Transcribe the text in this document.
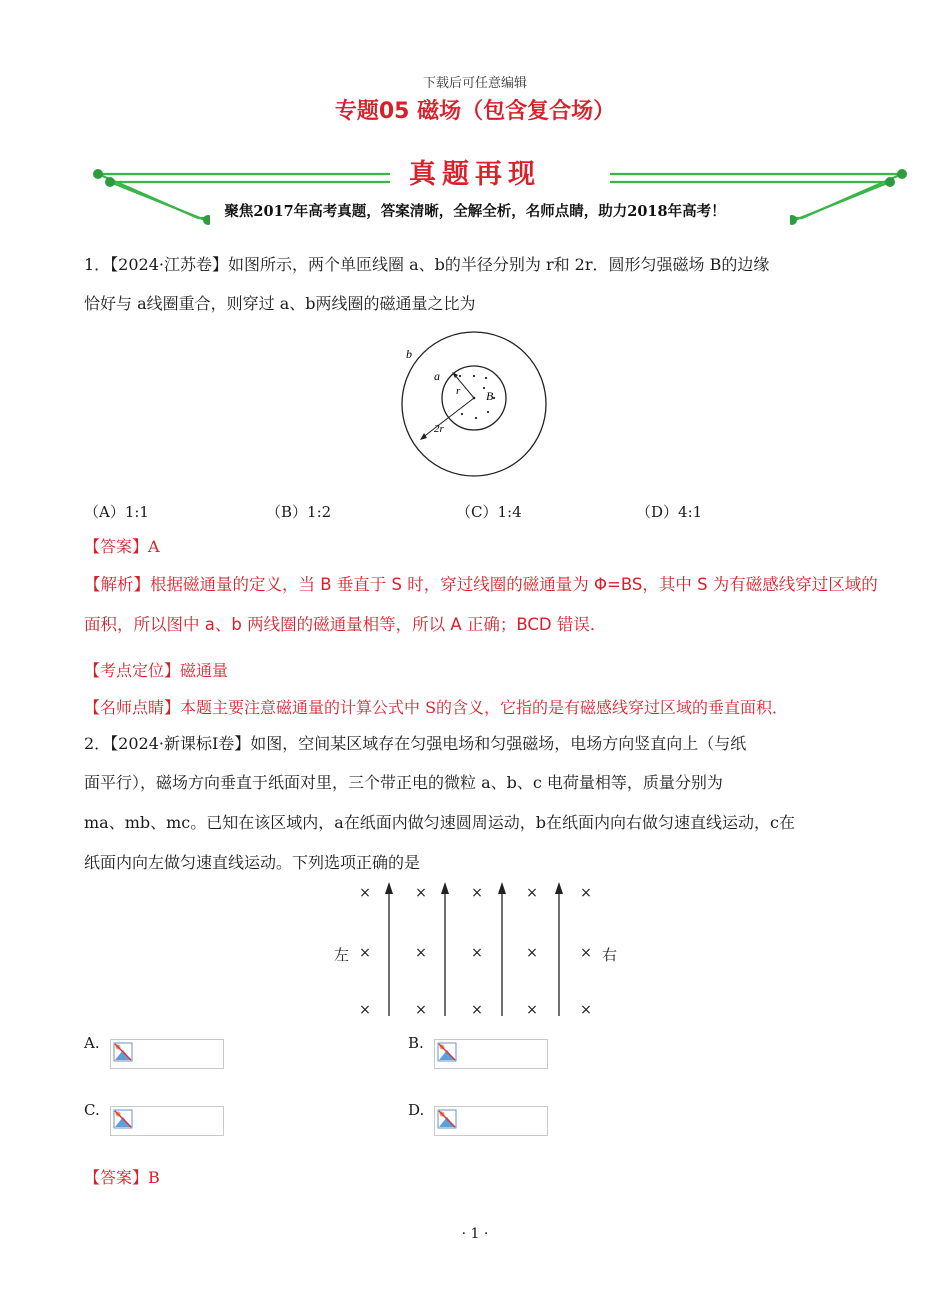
下载后可任意编辑
专题05 磁场（包含复合场）
真题再现
聚焦2017年高考真题，答案清晰，全解全析，名师点睛，助力2018年高考！
1．【2024·江苏卷】如图所示，两个单匝线圈 a、b的半径分别为 r和 2r．圆形匀强磁场 B的边缘
恰好与 a线圈重合，则穿过 a、b两线圈的磁通量之比为
b
a
r B
2r
（A）1:1	（B）1:2	（C）1:4	（D）4:1
【答案】A
【解析】根据磁通量的定义，当 B 垂直于 S 时，穿过线圈的磁通量为 Φ=BS，其中 S 为有磁感线穿过区域的
面积，所以图中 a、b 两线圈的磁通量相等，所以 A 正确；BCD 错误．
【考点定位】磁通量
【名师点睛】本题主要注意磁通量的计算公式中 S的含义，它指的是有磁感线穿过区域的垂直面积．
2．【2024·新课标Ⅰ卷】如图，空间某区域存在匀强电场和匀强磁场，电场方向竖直向上（与纸
面平行），磁场方向垂直于纸面对里，三个带正电的微粒 a、b、c 电荷量相等，质量分别为
ma、mb、mc。已知在该区域内，a在纸面内做匀速圆周运动，b在纸面内向右做匀速直线运动，c在
纸面内向左做匀速直线运动。下列选项正确的是
×	×	×	×	×
×	×	×	×	×
×	×	×	×	×
左	右
A.	B.
C.	D.
【答案】B
· 1 ·
